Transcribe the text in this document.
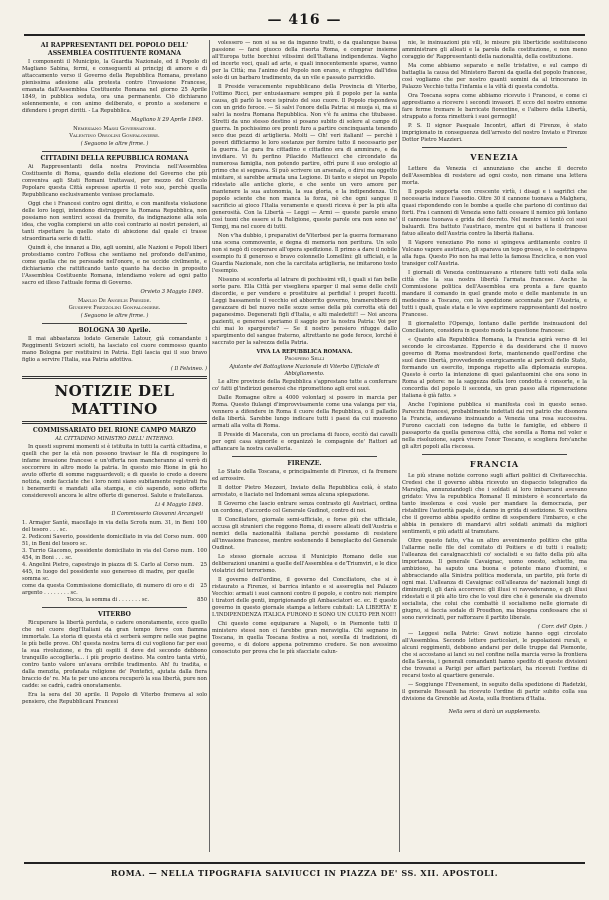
— 416 —
AI RAPPRESENTANTI DEL POPOLO DELL' ASSEMBLEA COSTITUENTE ROMANA

I componenti il Municipio, la Guardia Nazionale, ed il Popolo di Magliano Sabina, fermi, e conseguenti ai principj di amore e di attaccamento verso il Governo della Repubblica Romana, prestano pienissima adesione alla protesta contro l'invasione Francese, emanata dall'Assemblea Costituente Romana nel giorno 25 Aprile 1849, in pubblica seduta, ora una permanente. Ciò dichiarano solennemente, e con animo deliberato, e pronto a sostenere e difendere i propri diritti. - La Repubblica.

Magliano li 29 Aprile 1849.
Nemesiano Massi Governatore.
Valentino Orsolini Gonfaloniere.
( Seguono le altre firme. )
CITTADINI DELLA REPUBBLICA ROMANA

Ai Rappresentanti della nostra Provincia nell'Assemblea Costituente di Roma, quando della elezione del Governo che più conveniva agli Stati Romani trattavasi, per mezzo del Circolo Popolare questa Città espresse apertis il voto suo, perchè quella Repubblicano esclusivamente venisse proclamato.

Oggi che i Francesi contro ogni diritto, e con manifesta violazione delle loro leggi, intendono distruggere la Romana Repubblica, non possiamo non sentirci scossi da fremito, da indignazione alla sola idea, che voglia compiersi un atto così contrario ai nostri pensieri, ai tanti rispettare la quello stato di abiezione dal quale ci trasse straordinaria serie di fatti.

Quindi è, che innanzi a Dio, agli uomini, alle Nazioni e Popoli liberi protestiamo contro l'offesa che sentiamo nel profondo dell'animo, come quella che ne persuade nell'onore, e ne uccide civilmente, e dichiariamo che rattificando tanto quanto ha deciso in proposito l'Assemblea Costituente Romana, intendiamo volere ad ogni patto sacro ed illeso l'attuale forma di Governo.

Orvieto 3 Maggio 1849.
Manlio De Angelis Preside.
Giuseppe Frezzolini Gonfaloniere.
( Seguono le altre firme. )
BOLOGNA 30 Aprile.

Il mai abbastanza lodato Generale Latour, già comandante i Reggimenti Svizzeri sciolti, ha lasciato col cuore commosso quanto mano Bologna per restituirsi in Patria. Egli lascia qui il suo bravo figlio a servire l'Italia, sua Patria adottiva.

( Il Felsineo. )
NOTIZIE DEL MATTINO
COMMISSARIATO DEL RIONE CAMPO MARZO
AL CITTADINO MINISTRO DELL' INTERNO.

In questi supremi momenti si è istituita in tutti la carità cittadina, e quelli che per la età non possono travisar le fila di respingere lo infame invasione francese e un'offerta non mancheranno al verrò di soccorrere in altro modo la patria. In questo mio Rione in già ho avuto offerte di somme ragguardevoli; e di queste io credo a dovere notizia, onde facciate che i loro nomi siano subitamente registrati fra i benemeriti e mandati alla stampa, e ciò sapendo, sono offerte considerevoli ancora le altre offerte di generosi. Salute e fratellanza.

Li 4 Maggio 1849.
Il Commissario Giovanni Arcangeli
1. Armajer Santè, macellajo in via della Scrofa num. 31, in Beni del tesoro . . . sc.	100
2. Pediconi Saverio, possidente domiciliato in via del Corso num. 51, in Beni del tesoro sc.	600
3. Turrio Giacomo, possidente domiciliato in via del Corso num. 454, in Boni . . . sc.	100
4. Angelini Pietro, capestrajo in piazza di S. Carlo al Corso num. 445, in luogo del possidente suo generoso di madre, per quelle somma sc.	25
come da questa Commissione domiciliato, di numero di oro e di argento . . . . . . . . sc.	25
Tocca, la somma di . . . . . . . sc.	850
VITERBO

Ricuperare la libertà perduta, o cadere onoratamente, ecco quello che nel cuore degl'Italiani da gran tempo ferve con fiamma immortale. La storia di questa età ci serberà sempre nelle sue pagine le più belle prove. Oh! questa nostra terra di cui vogliono far per essi la sua rivoluzione, e fra gli ospiti il deve del secondo debbono tranquillo accoglierla... i più proprio destino. Ma contro tanta virtù, contro tanto valore un'avara orribile tradimento. Ah! fu tradita, e dalla menzita, profanata religione de' Pontefici, ajutata dalla fiera braccio de' re. Ma te per uno ancora recuperò la sua libertà, pure non cadde: se cadrà, cadrà onoratamente.

Era la sera del 30 aprile. Il Popolo di Viterbo fremeva al solo pensiero, che Repubblicani Francesi

volessero — non si sa se da inganno tratti, o da qualunque bassa passione — farsi giuoco della risorta Roma, e comprar insieme all'Europa tutte borchiui vilissimi dell'Italiana indipendenza. Vagho ed incerte voci, quali ad arte, e quali innocentemente sparse, vanno per la Città; ma l'animo del Popolo non erano, e rifuggiva dall'idea solo di un barbaro tradimento, da un vile e passato parricidio.

Il Preside veracemente repubblicano della Provincia di Viterbo, l'ottimo Ricci, per entusiasmare sempre più il popolo per la santa causa, gli parlò la voce ispirato del suo cuore. Il Popolo rispondeva con un grido feroce. — Sì salvi l'onore della Patria: si muoja sì, ma si salvi la nostra Romana Repubblica. Non v'è fu anima che titubasse. Stretti da uno stesso destino si posano subito di solere al campo di guerra. In pochissimo ore pronti furo a partire cencinquanta tenendo seco due pezzi di artiglieria. Molti — Oh! veri italiani! — perchè i poveri difficiarmo le loro sostanze per fornire tutto il necessario per la guerra. Le gara fra cittadino e cittadino era di ammirare, e da invidiare. Vi fu perfino Pilacido Matteucci che circondato da numerosa famiglia, non potendo partire, offrì pure il suo orologio al primo che si segnava. Si può scrivere un arsenale, o dirsi ma oggetto misitare, si sarebbe armata una Legione. Di tanto e siepoi un Popolo ridestato alle antiche glorie, e che sente un vero amore per mantenere la sua autonomia, la sua gloria, e la indipendenza. Un popolo sciente che non manca la forza, nè che ogni sangue il sacrificio ai gioco l'Italia veramente e questi riceva è per la più alta generosità. Con la Libertà — Leggi — Armi — queste parole erano così tuoni che essere si fa Religione, queste parole ora non sono ne' Tempj, ma nel cuore di tutti.

Non v'ha dubbio, i preparativi de'Viterbesi per la guerra formavano una scena commovente, e degna di memoria non peritura. Un solo non si negò di cooperare all'opera spedizione. Il primo a dare il nobile esempio fu il generoso e bravo colonnello Lomellini: gli ufficiali, e la Guardia Nazionale, non che la carcitata artiglieria, ne imitarono tosto l'esempio.

Nissuno si sconforta al latrare di pochissimi vili, i quali si fan belle sorte pare. Ella Città per visegliera sparger il mal seme delle civili discordie, e per vendere e prostituire ai perfidia! i propri fucotti. Leggi bassamente il vecchio ed abborrito governo, bramerebbero di gavazzare di bel nuovo nelle sozze sense della più corrotta età del paganesimo. Degenerati figli d'Italia, e alti maledetti!! — Noi ancora pazienti, e generosi speriamo il saggio per la nostra Patria: Voi per chi mai lo spargerete? — Se il nostro pensiero rifugge dallo spargimento del sangue fraterno, altrettanto ne gode feroce, lorché è saccrato per la salvezza della Patria.

VIVA LA REPUBBLICA ROMANA.
Prospero Selli
Ajutante del Battaglione Nazionale di Viterbo Ufficiale di Abbigliamento.

Le altre provincie della Repubblica s'apprestano tutte a conferrare co' fatti gl'indirizzi generosi che ripromettono agli eroi suoi.

Dalle Romagne oltre a 4000 volontarj si posero in marcia per Roma. Questo flulangi d'improvvisamente come una valanga per via, vennero a difendere in Roma il cuore della Repubblica, o il palladio della libertà. Sarebbe lungo indicare tutti i paesi da cui muovono armati alla volta di Roma.

Il Preside di Macerata, con un proclama di fuoco, eccitò dai cavalli per ogni casa signorile e organizzò le compagnie de' Rattori ad affiancare la nostra cavalleria.

FIRENZE.

Lo Stato della Toscana, e principalmente di Firenze, ci fa fremere ed arrossire.

Il dottor Pietro Mezzeri, Inviato della Repubblica colà, è stato arrestato, e liaciato nel Indomani senza alcuna spiegazione.

Il Governo che lascio entrare senza contrasto gli Austriaci, ordina un cordone, d'accordo col Generale Gudinot, contro di noi.

Il Conciliatore, giornale semi-ufficiale, e forse più che ufficiale, accusa gli stranieri che reggono Roma, di essere alleati dell'Austria e nemici della nazionalità italiana perchè possiamo di resistere all'invasione francese, mentre sostenendo il beneplacito del Generale Oudinot.

Lo stesso giornale accusa il Municipio Romano delle sue deliberazioni unanimi a quelle dell'Assemblea e de'Triumviri, e le dice violatrici del terrorismo.

Il governo dell'ordine, il governo del Conciliatore, che si è ristaurato a Firenze, si barrica intanto e si assereglia nel Palazzo Vecchio: armati i suoi cannoni contro il popolo, e contro noi: riempire i tiratori delle genti, imprigionando gli Ambasciatori ec. ec. E questo governo in questo giornale stampa a lettere cubitali: LA LIBERTA' E L'INDIPENDENZA ITALICA FURONO E SONO UN CULTO PER NOI!!

Chi questo come equiparare a Napoli, o in Piemonte tutti il ministero stessi non ci farebbe gran meraviglia. Chi segnano in Toscana, in quella Toscana festiva a noi, sorella di tradizioni, di governo, e di dolore appena potremmo credere. Se non avessimo conosciuto per prova che le più sfacciate calun-

nie, le insinuazioni più vili, le misure più liberticide sostituiscono amministrare gli alleati e la parola della costituzione, e non meno coraggio de' Rappresentanti della nazionalità, della costituzione.

Ma come abbiamo separato e nelle tristative, e sul campo di battaglia la causa del Ministero Baroni da quella del popolo francese, così vogliamo che per nostro quanti uomini da al trincerano in Palazzo Vecchio tutta l'infamia e la viltà di questa condotta.

Ora Toscana sopra come abbiamo ricevuto i Francesi, e come ci apprestiamo a ricevere i secondi invasori. E ecco del nostro ennome fare ferme tremare le barricate fiorentine, e l'albero della Libertà, strappato a forza rimetterà i suoi germogli!

P. S. Il signor Pasquale Incontri, affari di Firenze, è stato imprigionato in conseguenza dell'arresto del nostro Inviato e Firenze Dottor Pietro Mazzieri.

VENEZIA

Lettere da Venezia ci annunziano che anche il decreto dell'Assemblea di resistere ad ogni costo, non rimane una lettera morta.

Il popolo sopporta con crescente virtù, i disagi e i sagrifici che necessaria induce l'assedio. Oltre 30 il cannone tuonava a Malghera, quasi rispondendo con le bombe a quelle che partono di continuo dai forti. Fra i cannoni di Venezia sono fatti cessare il nemico più lontano il cannone tuonava e grida del decreto. Nel mentre si tentò coi suoi baluardi. Era battuto l'austriaco, mentre qui si battera il francese fatuo alleato dell'Austria contro la libertà italiana.

Il Vapore veneziano Pio nono si spingeva arditamente contro il Vulcano vapore austriaco, gli sparava un tepo grosso, e lo costringeva alla fuga. Questo Pio non ha mai letto la famosa Enciclica, e non vuol transiger coll'Austria.

I giornali di Venezia continuavano a ritenere tutti voti dalla sola città che la sua nostra libertà l'armata francese. Anche la Commissione politica dell'Assemblea era pronta a fare quanto mandare il comando in quel grande moto e delle mantenute in un medesimo a Toscano, con la spedizione accennata per l'Austria, e tutti i quali, quale stata e le vive esprimere rappresentanti del nostro Francese.

Il giornaletto l'Operajo, lontano dalle perfide insinuazioni del Conciliatore, considera in questo modo la questione francese:

« Quanto alla Repubblica Romana, la Francia agirà verso di lei secondo le circostanze. Eppercio è da desiderarsi che il nuovo governo di Roma mostrandosi forte, mantenendo quell'ordine che suol dare libertà, provvedendo energicamente ai pericoli dello Stato, formando un esercito, imponga rispetto alla diplomazia europea. Questo è certo la intenzione di quei galantuomini che ora sono in Roma al potere: ne la saggezza della loro condotta è consorte, e la concordia del popolo li seconda, un gran passo alla rigenerazione italiana è già fatto. »

Anche l'opinione pubblica si manifesta così in questo senso. Parecchi francesi, probabilmente indettati dai rei patrio che disonora la Francia, andavano insinuando a Venezia una resa successiva. Furono cacciati con isdegno da tutte le famiglie, ed ebbero il passaporto da quella generosa città, che sorella a Roma nel voler e nella risoluzione, saprà vivere l'onor Toscano, e scegliera fors'anche gli altri popoli alla riscossa.

FRANCIA

Le più strane notizie corrono sugli affari politici di Civitavecchia. Credesi che il governo abbia ricevuto un dispaccio telegrafico da Marsiglia, annunziandogli che i soldati al loro imbarcarsi avevano gridato: Viva la repubblica Romana! Il ministero è sconcertato da tanto insolenza e così vuole per mandare la democrazia, per ristabilire l'autorità papale, è danno in grida di sedizione. Si vocifera che il governo abbia spedito ordine di sospendere l'imbarco, e che abbia in pensiero di mandarvi altri soldati animati da migliori sentimenti, e più adatti al tramutare.

Oltre questo fatto, v'ha un altro avvenimento politico che gitta l'allarme nelle file del comitato di Poitiers e di tutti i realisti; l'alleanza dei cavalgnacchisti co' socialisti e su fatto della più alta importanza. Il generale Cavaignac, uomo onesto, schietto, ma ambizioso, ha saputo una buona e potente mano d'uomini, e abbracciando alla Sinistra politica moderata, un partito, più forte di ogni mai. L'alleanza di Cavaignac coll'alleanza de' nazionali lungi di diminuirgli, gli darà accorrere: gli illusi vi ravvederanno, e gli illusi ridestati e il più alto tiro che lo voul dire che è generale sia divenuto socialista, che colui che combattè il socialismo nelle giornate di giugno, si faccia sodale di Proudhon, ma bisogna confessare che si sono ravvicinati, per rafforzare il partito liberale.

( Corr. dell' Opin. )

— Leggesi nella Patrie: Gravi notizie hanno oggi circolato all'Assemblea. Secondo lettere particolari, le popolazioni rurali, e alcuni reggimenti, debbono andarsi per delle truppe dal Piemonte, che si accostano ai lanci su nel confine nella marcia verso la frontiera della Savoia, i generali comandanti hanno spedito di queste divisioni che trovansi a Parigi per affari particolari, ha ricevuti l'ordine di recarsi tosto al quartiere generale.

— Soggiunge l'Evenement, in seguito della spedizione di Radetzki, il generale Rossanli ha ricevuto l'ordine di partir subito colla sua divisione da Grenoble ad Aosta, sulla frontiera d'Italia.

Nella sera si darà un supplemento.
ROMA. — NELLA TIPOGRAFIA SALVIUCCI IN PIAZZA DE' SS. XII. APOSTOLI.
